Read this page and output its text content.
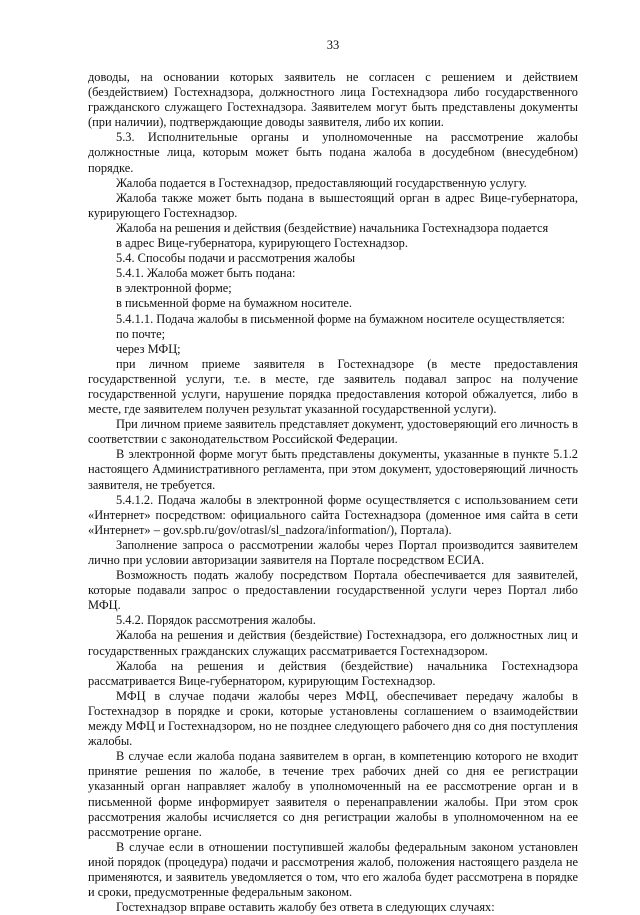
33

доводы, на основании которых заявитель не согласен с решением и действием (бездействием) Гостехнадзора, должностного лица Гостехнадзора либо государственного гражданского служащего Гостехнадзора. Заявителем могут быть представлены документы (при наличии), подтверждающие доводы заявителя, либо их копии.

5.3. Исполнительные органы и уполномоченные на рассмотрение жалобы должностные лица, которым может быть подана жалоба в досудебном (внесудебном) порядке.

Жалоба подается в Гостехнадзор, предоставляющий государственную услугу.

Жалоба также может быть подана в вышестоящий орган в адрес Вице-губернатора, курирующего Гостехнадзор.

Жалоба на решения и действия (бездействие) начальника Гостехнадзора подается

в адрес Вице-губернатора, курирующего Гостехнадзор.

5.4. Способы подачи и рассмотрения жалобы

5.4.1. Жалоба может быть подана:

в электронной форме;

в письменной форме на бумажном носителе.

5.4.1.1. Подача жалобы в письменной форме на бумажном носителе осуществляется:

по почте;

через МФЦ;

при личном приеме заявителя в Гостехнадзоре (в месте предоставления государственной услуги, т.е. в месте, где заявитель подавал запрос на получение государственной услуги, нарушение порядка предоставления которой обжалуется, либо в месте, где заявителем получен результат указанной государственной услуги).

При личном приеме заявитель представляет документ, удостоверяющий его личность в соответствии с законодательством Российской Федерации.

В электронной форме могут быть представлены документы, указанные в пункте 5.1.2 настоящего Административного регламента, при этом документ, удостоверяющий личность заявителя, не требуется.

5.4.1.2. Подача жалобы в электронной форме осуществляется с использованием сети «Интернет» посредством: официального сайта Гостехнадзора (доменное имя сайта в сети «Интернет» – gov.spb.ru/gov/otrasl/sl_nadzora/information/), Портала).

Заполнение запроса о рассмотрении жалобы через Портал производится заявителем лично при условии авторизации заявителя на Портале посредством ЕСИА.

Возможность подать жалобу посредством Портала обеспечивается для заявителей, которые подавали запрос о предоставлении государственной услуги через Портал либо МФЦ.

5.4.2. Порядок рассмотрения жалобы.

Жалоба на решения и действия (бездействие) Гостехнадзора, его должностных лиц и государственных гражданских служащих рассматривается Гостехнадзором.

Жалоба на решения и действия (бездействие) начальника Гостехнадзора рассматривается Вице-губернатором, курирующим Гостехнадзор.

МФЦ в случае подачи жалобы через МФЦ, обеспечивает передачу жалобы в Гостехнадзор в порядке и сроки, которые установлены соглашением о взаимодействии между МФЦ и Гостехнадзором, но не позднее следующего рабочего дня со дня поступления жалобы.

В случае если жалоба подана заявителем в орган, в компетенцию которого не входит принятие решения по жалобе, в течение трех рабочих дней со дня ее регистрации указанный орган направляет жалобу в уполномоченный на ее рассмотрение орган и в письменной форме информирует заявителя о перенаправлении жалобы. При этом срок рассмотрения жалобы исчисляется со дня регистрации жалобы в уполномоченном на ее рассмотрение органе.

В случае если в отношении поступившей жалобы федеральным законом установлен иной порядок (процедура) подачи и рассмотрения жалоб, положения настоящего раздела не применяются, и заявитель уведомляется о том, что его жалоба будет рассмотрена в порядке и сроки, предусмотренные федеральным законом.

Гостехнадзор вправе оставить жалобу без ответа в следующих случаях:
